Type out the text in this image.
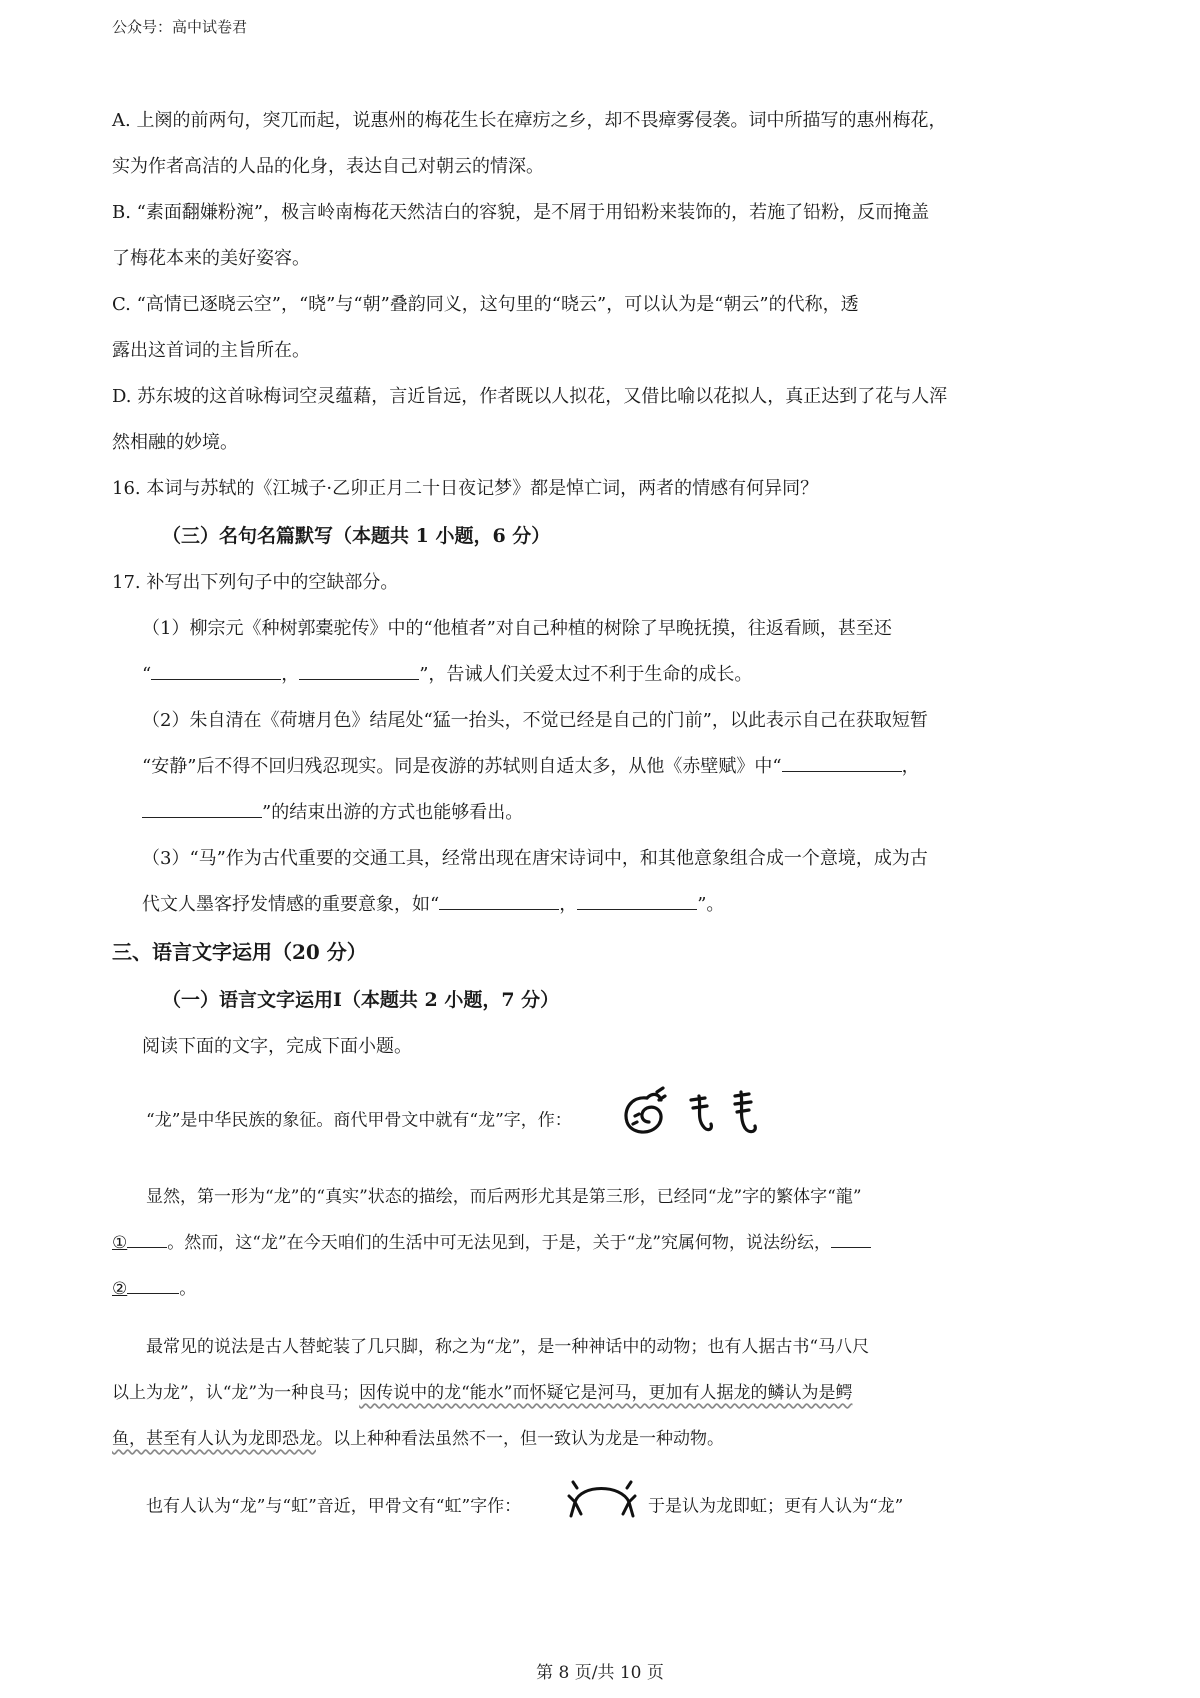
公众号：高中试卷君

A. 上阕的前两句，突兀而起，说惠州的梅花生长在瘴疠之乡，却不畏瘴雾侵袭。词中所描写的惠州梅花，

实为作者高洁的人品的化身，表达自己对朝云的情深。

B. “素面翻嫌粉涴”，极言岭南梅花天然洁白的容貌，是不屑于用铅粉来装饰的，若施了铅粉，反而掩盖

了梅花本来的美好姿容。

C. “高情已逐晓云空”，“晓”与“朝”叠韵同义，这句里的“晓云”，可以认为是“朝云”的代称，透

露出这首词的主旨所在。

D. 苏东坡的这首咏梅词空灵蕴藉，言近旨远，作者既以人拟花，又借比喻以花拟人，真正达到了花与人浑

然相融的妙境。

16. 本词与苏轼的《江城子·乙卯正月二十日夜记梦》都是悼亡词，两者的情感有何异同？

（三）名句名篇默写（本题共 1 小题，6 分）

17. 补写出下列句子中的空缺部分。

（1）柳宗元《种树郭橐驼传》中的“他植者”对自己种植的树除了早晚抚摸，往返看顾，甚至还

“	，	”，告诫人们关爱太过不利于生命的成长。

（2）朱自清在《荷塘月色》结尾处“猛一抬头，不觉已经是自己的门前”，以此表示自己在获取短暂

“安静”后不得不回归残忍现实。同是夜游的苏轼则自适太多，从他《赤壁赋》中“	，

”的结束出游的方式也能够看出。

（3）“马”作为古代重要的交通工具，经常出现在唐宋诗词中，和其他意象组合成一个意境，成为古

代文人墨客抒发情感的重要意象，如“	，	”。

三、语言文字运用（20 分）

（一）语言文字运用Ⅰ（本题共 2 小题，7 分）

阅读下面的文字，完成下面小题。

“龙”是中华民族的象征。商代甲骨文中就有“龙”字，作：

显然，第一形为“龙”的“真实”状态的描绘，而后两形尤其是第三形，已经同“龙”字的繁体字“龍”

① 。然而，这“龙”在今天咱们的生活中可无法见到，于是，关于“龙”究属何物，说法纷纭，

②	。

最常见的说法是古人替蛇装了几只脚，称之为“龙”，是一种神话中的动物；也有人据古书“马八尺

以上为龙”，认“龙”为一种良马；因传说中的龙“能水”而怀疑它是河马，更加有人据龙的鳞认为是鳄

鱼，甚至有人认为龙即恐龙。以上种种看法虽然不一，但一致认为龙是一种动物。

也有人认为“龙”与“虹”音近，甲骨文有“虹”字作：	于是认为龙即虹；更有人认为“龙”

第 8 页/共 10 页
